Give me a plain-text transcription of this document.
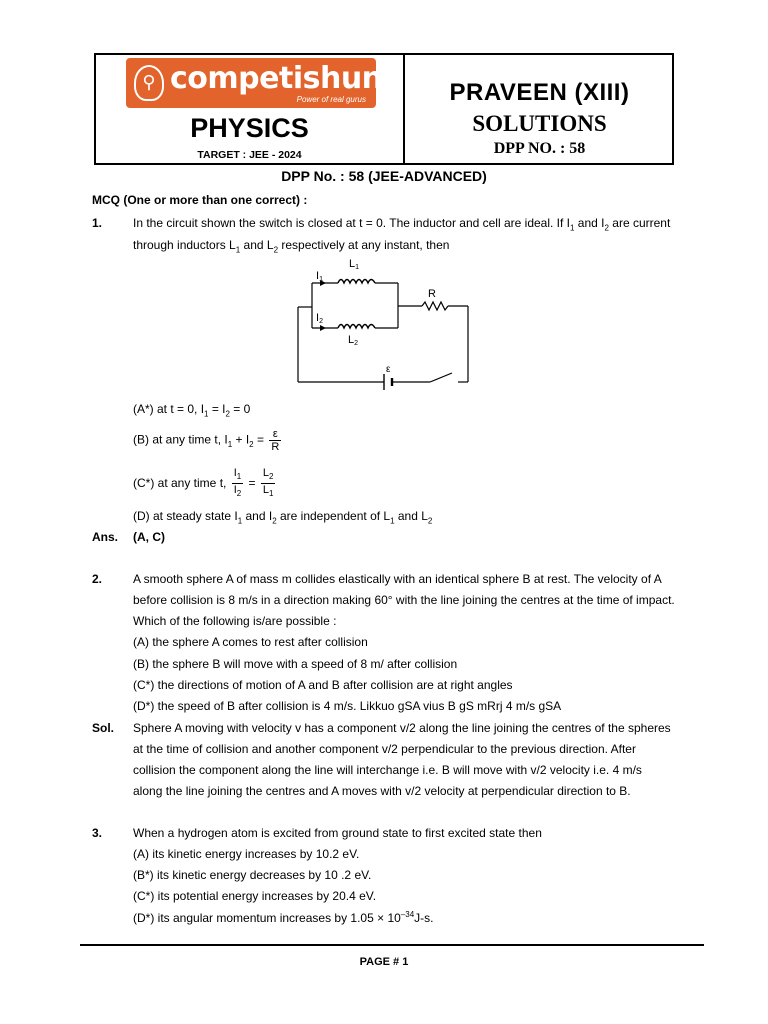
⚲ competishun
Power of real gurus
PHYSICS
TARGET : JEE - 2024
PRAVEEN (XIII)
SOLUTIONS
DPP NO. : 58
DPP No. : 58 (JEE-ADVANCED)
MCQ (One or more than one correct) :
1.	In the circuit shown the switch is closed at t = 0. The inductor and cell are ideal. If $I_1$ and $I_2$ are current
through inductors $L_1$ and $L_2$ respectively at any instant, then
I1
L1
I2
L2
R
ε
(A*) at t = 0, $I_1 = I_2 = 0$
(B) at any time t, $I_1 + I_2 = \frac{\varepsilon}{R}$
(C*) at any time t, $\frac{I_1}{I_2} = \frac{L_2}{L_1}$
(D) at steady state $I_1$ and $I_2$ are independent of $L_1$ and $L_2$
Ans. (A, C)
2.	A smooth sphere A of mass m collides elastically with an identical sphere B at rest. The velocity of A
before collision is 8 m/s in a direction making 60° with the line joining the centres at the time of impact.
Which of the following is/are possible :
(A) the sphere A comes to rest after collision
(B) the sphere B will move with a speed of 8 m/ after collision
(C*) the directions of motion of A and B after collision are at right angles
(D*) the speed of B after collision is 4 m/s. Likkuo gSA vius B gS mRrj 4 m/s gSA
Sol. Sphere A moving with velocity v has a component v/2 along the line joining the centres of the spheres
at the time of collision and another component v/2 perpendicular to the previous direction. After
collision the component along the line will interchange i.e. B will move with v/2 velocity i.e. 4 m/s
along the line joining the centres and A moves with v/2 velocity at perpendicular direction to B.
3.	When a hydrogen atom is excited from ground state to first excited state then
(A) its kinetic energy increases by 10.2 eV.
(B*) its kinetic energy decreases by 10 .2 eV.
(C*) its potential energy increases by 20.4 eV.
(D*) its angular momentum increases by $1.05 \times 10^{-34}J-s$.
PAGE # 1
